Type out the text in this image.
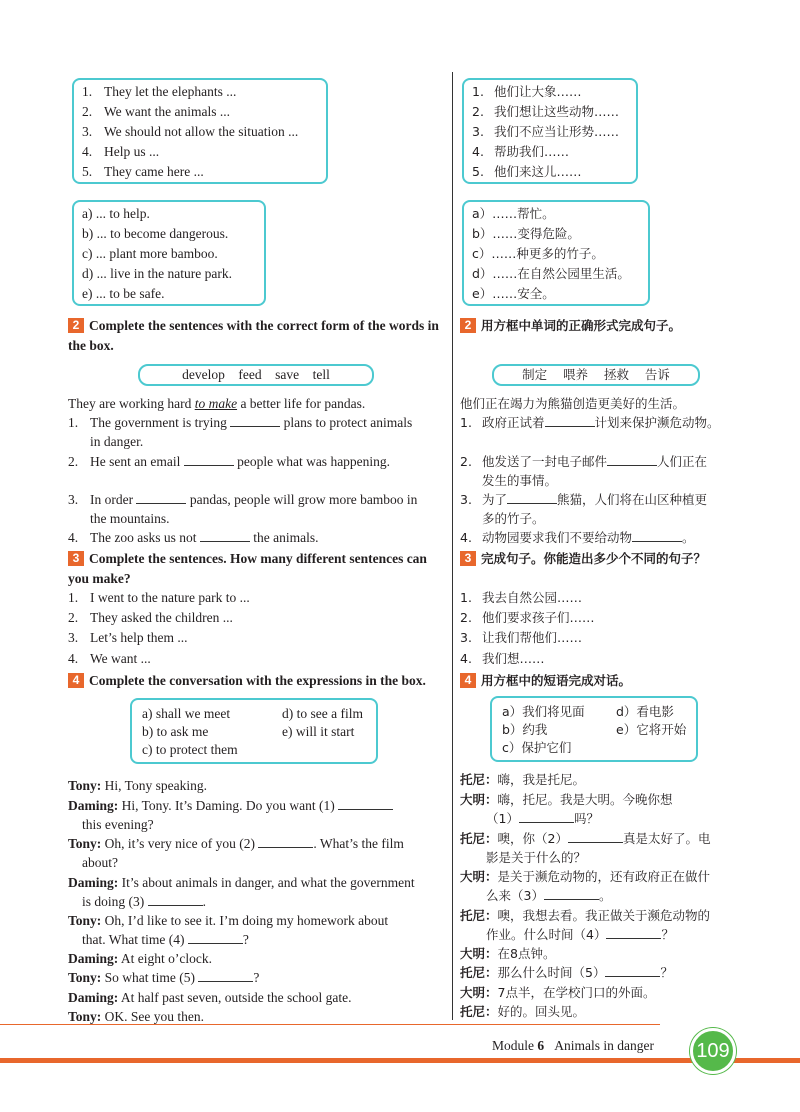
1. They let the elephants ...
2. We want the animals ...
3. We should not allow the situation ...
4. Help us ...
5. They came here ...
a) ... to help.
b) ... to become dangerous.
c) ... plant more bamboo.
d) ... live in the nature park.
e) ... to be safe.
2 Complete the sentences with the correct form of the words in
the box.
develop    feed    save    tell
They are working hard to make a better life for pandas.
1. The government is trying	plans to protect animals
in danger.
2. He sent an email	people what was happening.
3. In order	pandas, people will grow more bamboo in
the mountains.
4. The zoo asks us not	the animals.
3 Complete the sentences. How many different sentences can
you make?
1. I went to the nature park to ...
2. They asked the children ...
3. Let’s help them ...
4. We want ...
4 Complete the conversation with the expressions in the box.
a) shall we meet
b) to ask me
c) to protect them
d) to see a film
e) will it start
Tony: Hi, Tony speaking.
Daming: Hi, Tony. It’s Daming. Do you want (1)
this evening?
Tony: Oh, it’s very nice of you (2)	. What’s the film
about?
Daming: It’s about animals in danger, and what the government
is doing (3)	.
Tony: Oh, I’d like to see it. I’m doing my homework about
that. What time (4)	?
Daming: At eight o’clock.
Tony: So what time (5)	?
Daming: At half past seven, outside the school gate.
Tony: OK. See you then.
1. 他们让大象……
2. 我们想让这些动物……
3. 我们不应当让形势……
4. 帮助我们……
5. 他们来这儿……
a）……帮忙。
b）……变得危险。
c）……种更多的竹子。
d）……在自然公园里生活。
e）……安全。
2 用方框中单词的正确形式完成句子。
制定    喂养    拯救    告诉
他们正在竭力为熊猫创造更美好的生活。
1. 政府正试着	计划来保护濒危动物。
2. 他发送了一封电子邮件	人们正在
发生的事情。
3. 为了	熊猫，人们将在山区种植更
多的竹子。
4. 动物园要求我们不要给动物	。
3 完成句子。你能造出多少个不同的句子？
1. 我去自然公园……
2. 他们要求孩子们……
3. 让我们帮他们……
4. 我们想……
4 用方框中的短语完成对话。
a）我们将见面
b）约我
c）保护它们
d）看电影
e）它将开始
托尼：嗨，我是托尼。
大明：嗨，托尼。我是大明。今晚你想
（1）	吗？
托尼：噢，你（2）	真是太好了。电
影是关于什么的？
大明：是关于濒危动物的，还有政府正在做什
么来（3）	。
托尼：噢，我想去看。我正做关于濒危动物的
作业。什么时间（4）	？
大明：在8点钟。
托尼：那么什么时间（5）	？
大明：7点半，在学校门口的外面。
托尼：好的。回头见。
Module 6 Animals in danger	109
